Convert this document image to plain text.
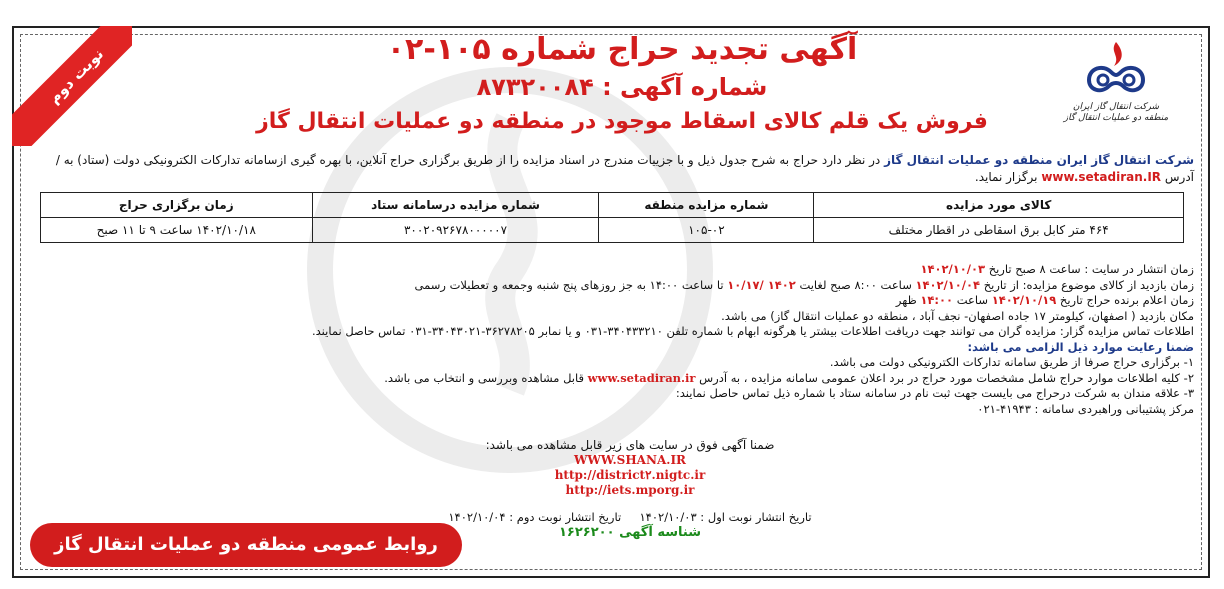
نوبت دوم	شرکت انتقال گاز ایران
منطقه دو عملیات انتقال گاز
آگهی تجدید حراج شماره ۱۰۵-۰۲
شماره آگهی : ۸۷۳۲۰۰۸۴
فروش یک قلم کالای اسقاط موجود در منطقه دو عملیات انتقال گاز
شرکت انتقال گاز ایران منطقه دو عملیات انتقال گاز در نظر دارد حراج به شرح جدول ذیل و با جزییات مندرج در اسناد مزایده را از طریق برگزاری حراج آنلاین، با بهره گیری ازسامانه تدارکات الکترونیکی دولت (ستاد) به /آدرس www.setadiran.IR برگزار نماید.
کالای مورد مزایده	شماره مزایده منطقه	شماره مزایده درسامانه ستاد	زمان برگزاری حراج
۴۶۴ متر کابل برق اسقاطی در اقطار مختلف	۱۰۵-۰۲	۳۰۰۲۰۹۲۶۷۸۰۰۰۰۰۷	۱۴۰۲/۱۰/۱۸ ساعت ۹ تا ۱۱ صبح
زمان انتشار در سایت : ساعت ۸ صبح تاریخ ۱۴۰۲/۱۰/۰۳
زمان بازدید از کالای موضوع مزایده: از تاریخ ۱۴۰۲/۱۰/۰۴ ساعت ۸:۰۰ صبح لغایت ۱۴۰۲ /۱۰/۱۷ تا ساعت ۱۴:۰۰ به جز روزهای پنج شنبه وجمعه و تعطیلات رسمی
زمان اعلام برنده حراج تاریخ ۱۴۰۲/۱۰/۱۹ ساعت ۱۴:۰۰ ظهر
مکان بازدید ( اصفهان، کیلومتر ۱۷ جاده اصفهان- نجف آباد ، منطقه دو عملیات انتقال گاز) می باشد.
اطلاعات تماس مزایده گزار: مزایده گران می توانند جهت دریافت اطلاعات بیشتر یا هرگونه ابهام با شماره تلفن ۳۴۰۴۳۳۲۱۰-۰۳۱ و یا نمابر ۳۶۲۷۸۲۰۵-۳۴۰۴۳۰۲۱-۰۳۱ تماس حاصل نمایند.
ضمنا رعایت موارد ذیل الزامی می باشد:
۱- برگزاری حراج صرفا از طریق سامانه تدارکات الکترونیکی دولت می باشد.
۲- کلیه اطلاعات موارد حراج شامل مشخصات مورد حراج در برد اعلان عمومی سامانه مزایده ، به آدرس www.setadiran.ir قابل مشاهده وبررسی و انتخاب می باشد.
۳- علاقه مندان به شرکت درحراج می بایست جهت ثبت نام در سامانه ستاد با شماره ذیل تماس حاصل نمایند:
مرکز پشتیبانی وراهبردی سامانه : ۴۱۹۴۳-۰۲۱
ضمنا آگهی فوق در سایت های زیر قابل مشاهده می باشد:
WWW.SHANA.IR
http://district۲.nigtc.ir
http://iets.mporg.ir
تاریخ انتشار نوبت اول : ۱۴۰۲/۱۰/۰۳     تاریخ انتشار نوبت دوم : ۱۴۰۲/۱۰/۰۴
شناسه آگهی ۱۶۲۶۲۰۰
روابط عمومی منطقه دو عملیات انتقال گاز
